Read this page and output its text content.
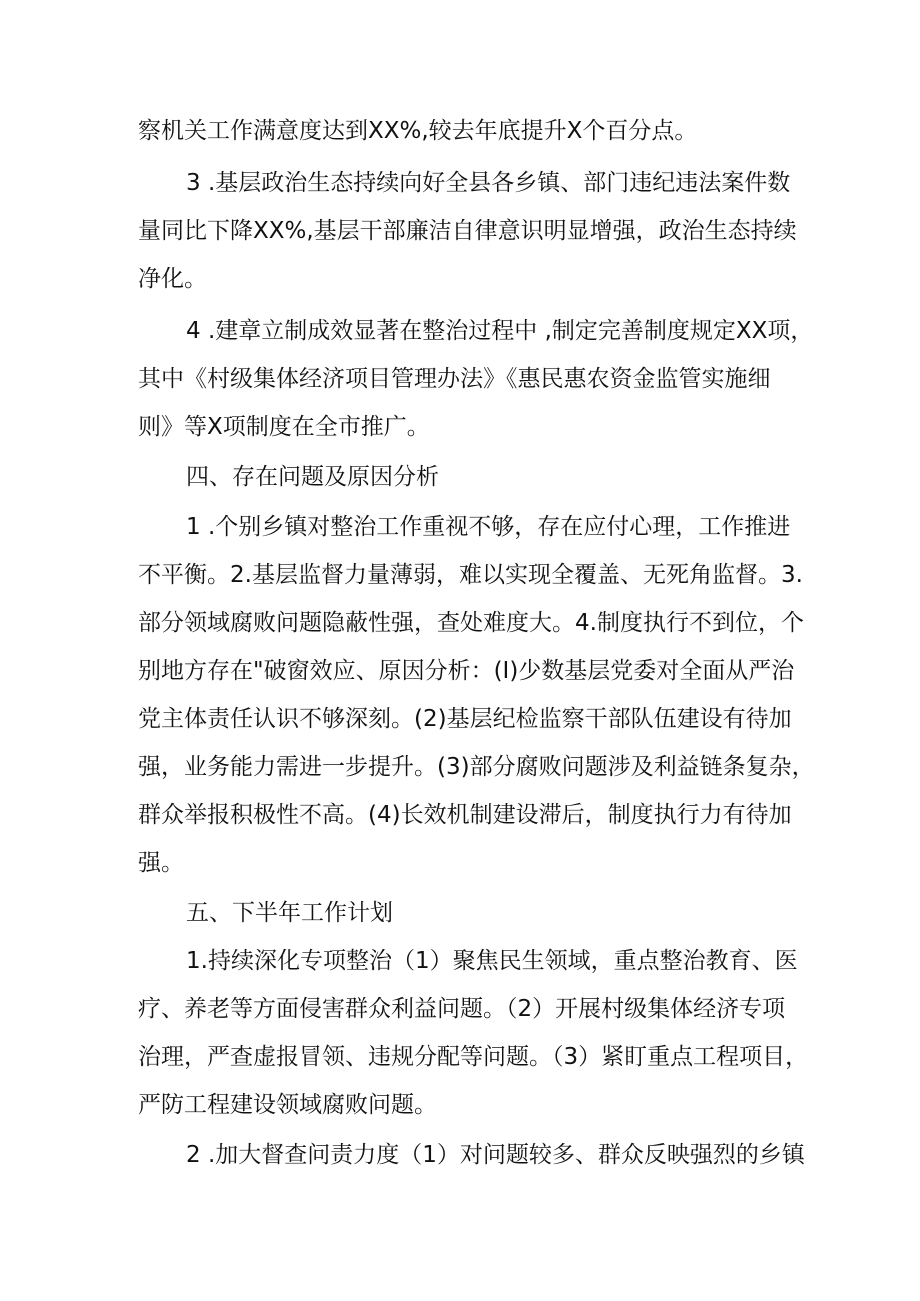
察机关工作满意度达到XX%,较去年底提升X个百分点。
3 .基层政治生态持续向好全县各乡镇、部门违纪违法案件数
量同比下降XX%,基层干部廉洁自律意识明显增强，政治生态持续
净化。
4 .建章立制成效显著在整治过程中 ,制定完善制度规定XX项，
其中《村级集体经济项目管理办法》《惠民惠农资金监管实施细
则》等X项制度在全市推广。
四、存在问题及原因分析
1 .个别乡镇对整治工作重视不够，存在应付心理，工作推进
不平衡。2.基层监督力量薄弱，难以实现全覆盖、无死角监督。3.
部分领域腐败问题隐蔽性强，查处难度大。4.制度执行不到位，个
别地方存在"破窗效应、原因分析：(I)少数基层党委对全面从严治
党主体责任认识不够深刻。(2)基层纪检监察干部队伍建设有待加
强，业务能力需进一步提升。(3)部分腐败问题涉及利益链条复杂，
群众举报积极性不高。(4)长效机制建设滞后，制度执行力有待加
强。
五、下半年工作计划
1.持续深化专项整治（1）聚焦民生领域，重点整治教育、医
疗、养老等方面侵害群众利益问题。（2）开展村级集体经济专项
治理，严查虚报冒领、违规分配等问题。（3）紧盯重点工程项目，
严防工程建设领域腐败问题。
2 .加大督查问责力度（1）对问题较多、群众反映强烈的乡镇
